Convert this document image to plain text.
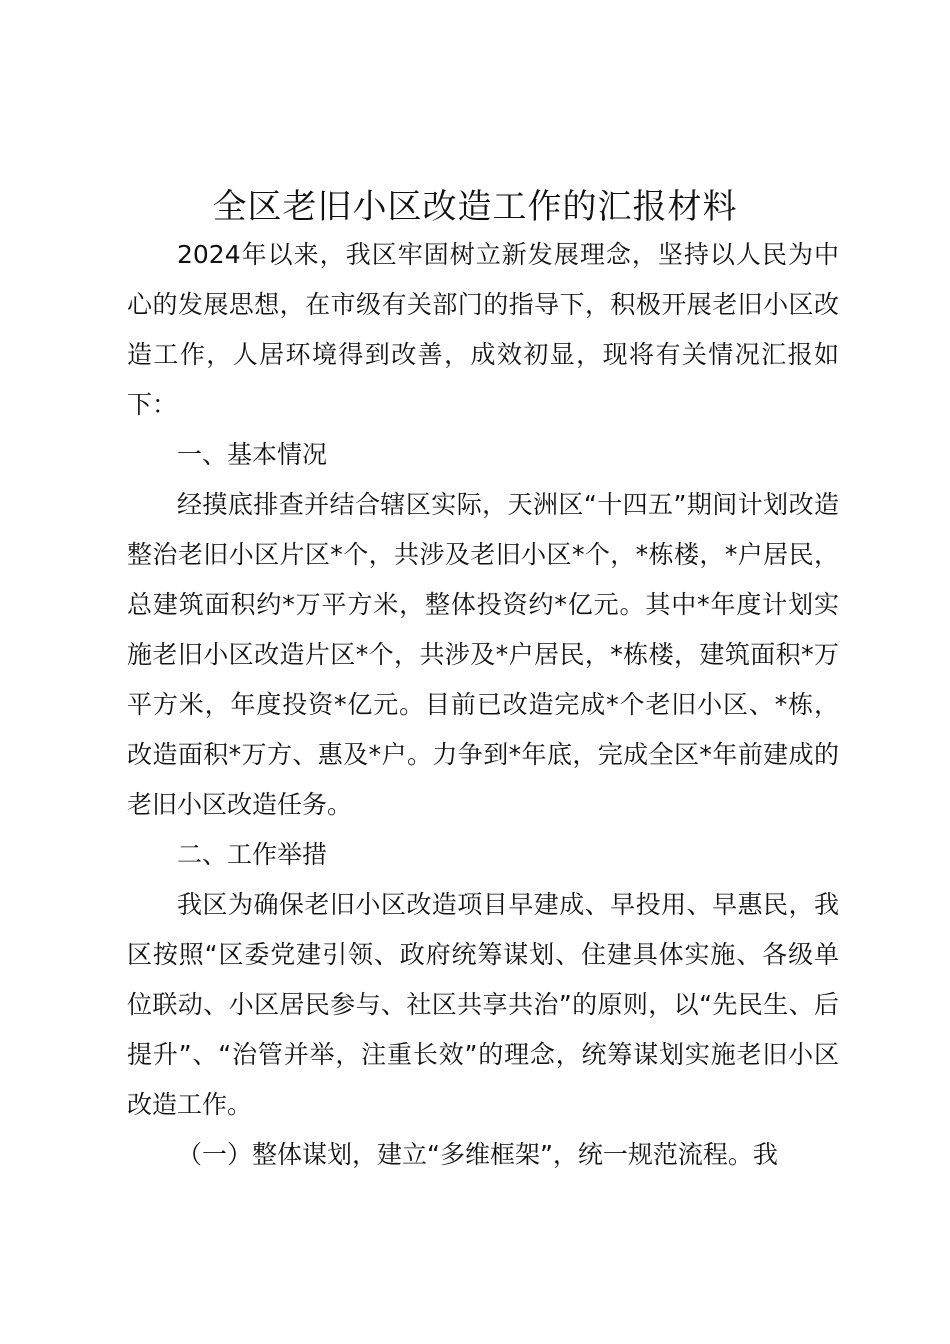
全区老旧小区改造工作的汇报材料

2024年以来，我区牢固树立新发展理念，坚持以人民为中心的发展思想，在市级有关部门的指导下，积极开展老旧小区改造工作，人居环境得到改善，成效初显，现将有关情况汇报如下：

一、基本情况

经摸底排查并结合辖区实际，天洲区“十四五”期间计划改造整治老旧小区片区*个，共涉及老旧小区*个，*栋楼，*户居民，总建筑面积约*万平方米，整体投资约*亿元。其中*年度计划实施老旧小区改造片区*个，共涉及*户居民，*栋楼，建筑面积*万平方米，年度投资*亿元。目前已改造完成*个老旧小区、*栋，改造面积*万方、惠及*户。力争到*年底，完成全区*年前建成的老旧小区改造任务。

二、工作举措

我区为确保老旧小区改造项目早建成、早投用、早惠民，我区按照“区委党建引领、政府统筹谋划、住建具体实施、各级单位联动、小区居民参与、社区共享共治”的原则，以“先民生、后提升”、“治管并举，注重长效”的理念，统筹谋划实施老旧小区改造工作。

（一）整体谋划，建立“多维框架”，统一规范流程。我
